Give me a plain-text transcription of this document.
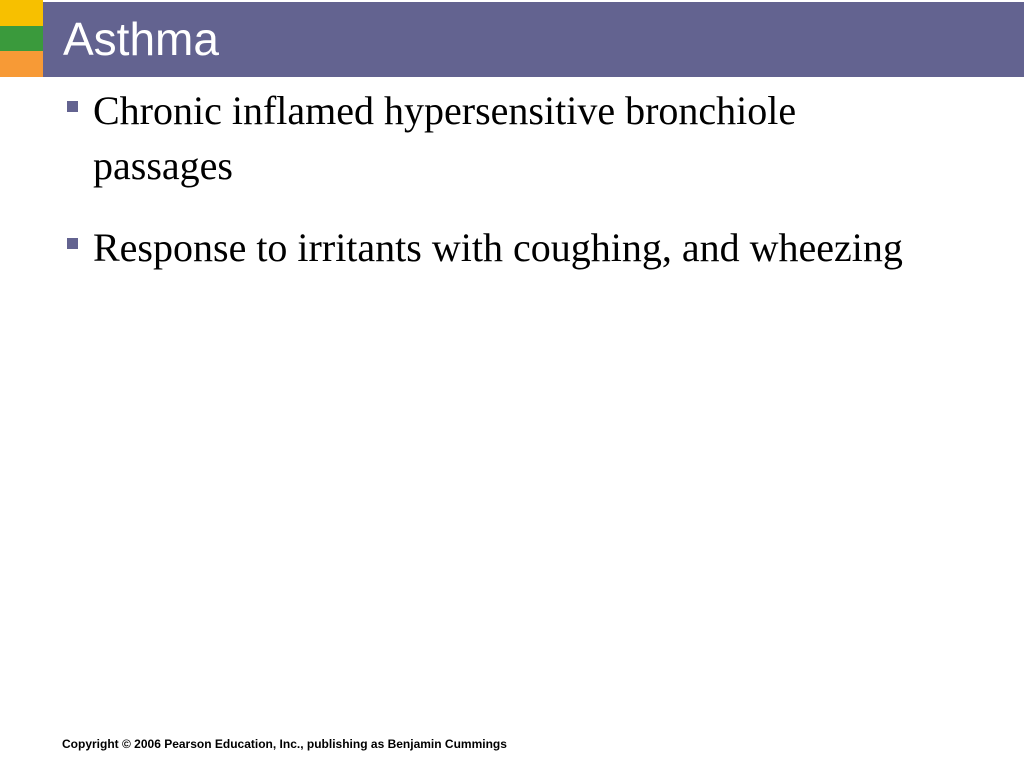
Asthma
Chronic inflamed hypersensitive bronchiole passages
Response to irritants with coughing, and wheezing
Copyright © 2006 Pearson Education, Inc., publishing as Benjamin Cummings
